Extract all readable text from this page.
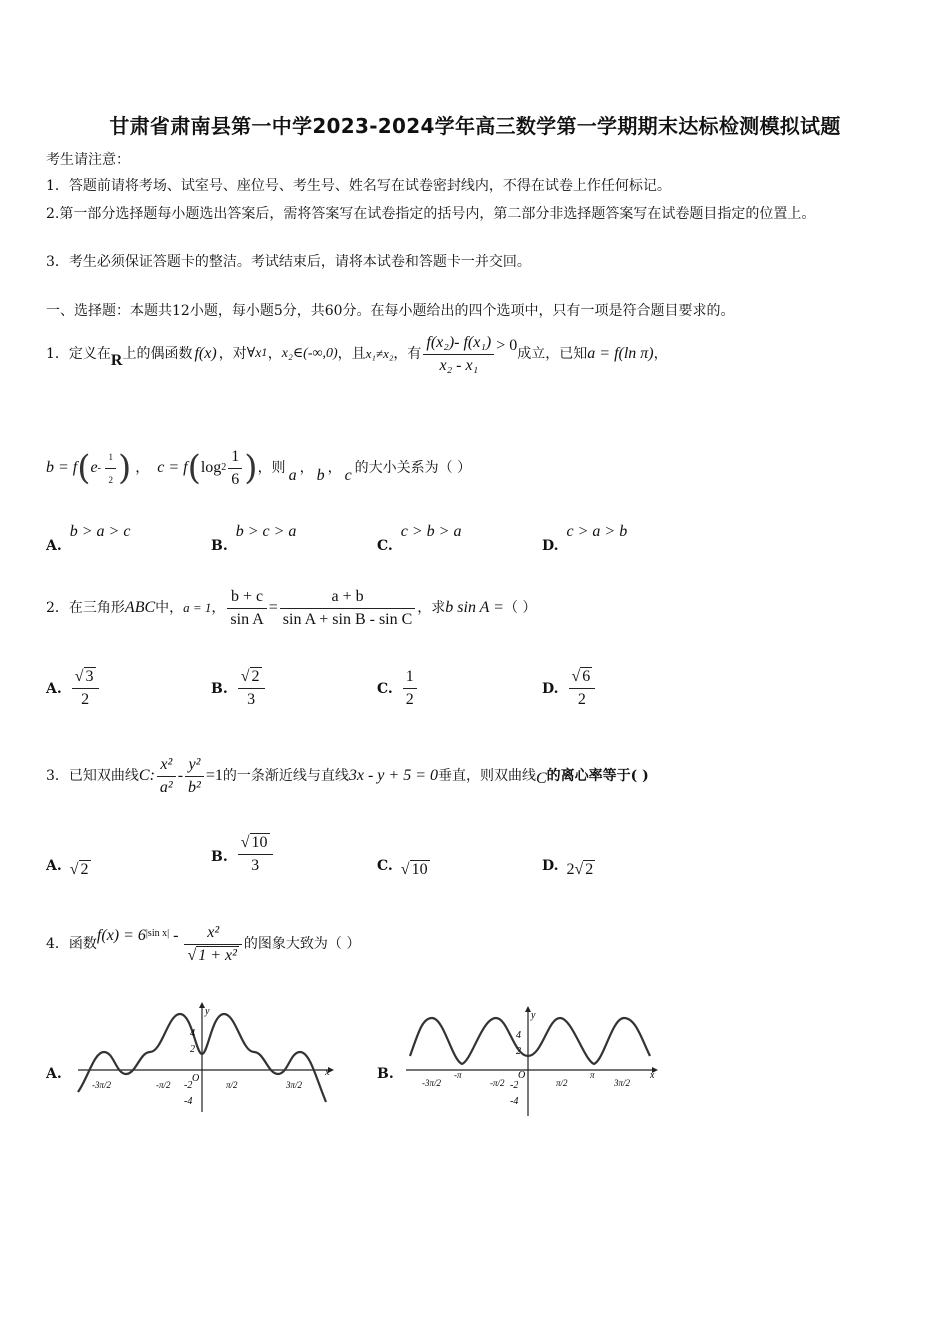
甘肃省肃南县第一中学2023-2024学年高三数学第一学期期末达标检测模拟试题
考生请注意：
1．答题前请将考场、试室号、座位号、考生号、姓名写在试卷密封线内，不得在试卷上作任何标记。
2.第一部分选择题每小题选出答案后，需将答案写在试卷指定的括号内，第二部分非选择题答案写在试卷题目指定的位置上。
3．考生必须保证答题卡的整洁。考试结束后，请将本试卷和答题卡一并交回。
一、选择题：本题共12小题，每小题5分，共60分。在每小题给出的四个选项中，只有一项是符合题目要求的。
1．定义在 R 上的偶函数 f(x) ，对 ∀x 1 ， x₂∈(-∞,0) ，且 x₁≠x₂ ，有 $\frac{\text{f(x₂)- f(x₁)}}{\text{x₂ - x₁}} > 0$ 成立，已知 a = f(ln π) ，
b = f ( e - $\frac{1}{2}$ ) ， c = f ( $\log 2 \frac{1}{6}$ ) ，则 a ， b ， c 的大小关系为（ ）
A.b > a > c
B.b > c > a
C.c > b > a
D.c > a > b
2．在三角形 ABC 中， a = 1 ， $\frac{b + c}{\text{sin A}} = \frac{a + b}{\text{sin A + sin B - sin C}}$ ，求 b sin A = （ ）
A. $\frac{√ 3}{2}$	B. $\frac{√ 2}{3}$	C. $\frac{1}{2}$	D. $\frac{√ 6}{2}$
3．已知双曲线 C: $\frac{\text{x²}}{\text{a²}} - \frac{\text{y²}}{\text{b²}} =1$ 的一条渐近线与直线 3x - y + 5 = 0 垂直，则双曲线 C 的离心率等于( )
A. √ 2
B. $\frac{√ 10}{3}$	C. √ 10	D. 2√ 2
4．函数 f(x) = 6 |sin $x| - \frac{\text{x²}}{\text{√ 1 + x²}}$ 的图象大致为（ ）
A.	B.
x
y
O
4
2
-2
-4
-3π/2	-π/2	π/2	3π/2
x
y
O
4
2
-2
-4
-3π/2
-π
-π/2	π/2
π
3π/2
